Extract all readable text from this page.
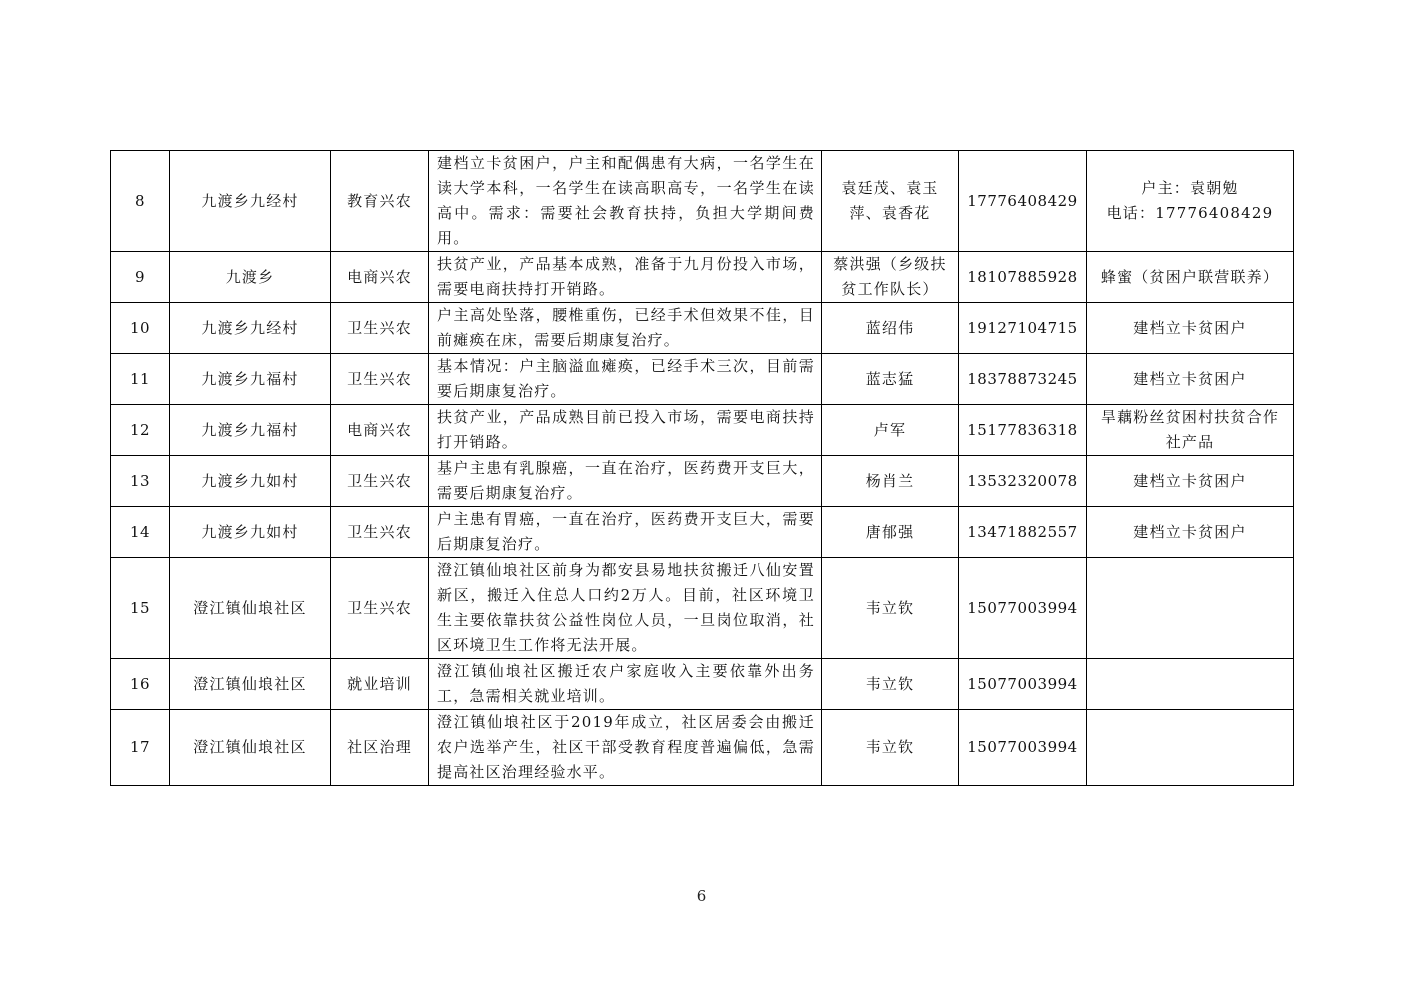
8	九渡乡九经村	教育兴农	建档立卡贫困户，户主和配偶患有大病，一名学生在读大学本科，一名学生在读高职高专，一名学生在读高中。需求：需要社会教育扶持，负担大学期间费用。	袁廷茂、袁玉萍、袁香花	17776408429	户主：袁朝勉
电话：17776408429

9	九渡乡	电商兴农	扶贫产业，产品基本成熟，准备于九月份投入市场，需要电商扶持打开销路。	蔡洪强（乡级扶贫工作队长）	18107885928	蜂蜜（贫困户联营联养）

10	九渡乡九经村	卫生兴农	户主高处坠落，腰椎重伤，已经手术但效果不佳，目前瘫痪在床，需要后期康复治疗。	蓝绍伟	19127104715	建档立卡贫困户

11	九渡乡九福村	卫生兴农	基本情况：户主脑溢血瘫痪，已经手术三次，目前需要后期康复治疗。	蓝志猛	18378873245	建档立卡贫困户

12	九渡乡九福村	电商兴农	扶贫产业，产品成熟目前已投入市场，需要电商扶持打开销路。	卢军	15177836318	旱藕粉丝贫困村扶贫合作社产品

13	九渡乡九如村	卫生兴农	基户主患有乳腺癌，一直在治疗，医药费开支巨大，需要后期康复治疗。	杨肖兰	13532320078	建档立卡贫困户

14	九渡乡九如村	卫生兴农	户主患有胃癌，一直在治疗，医药费开支巨大，需要后期康复治疗。	唐郁强	13471882557	建档立卡贫困户

15	澄江镇仙埌社区	卫生兴农	澄江镇仙埌社区前身为都安县易地扶贫搬迁八仙安置新区，搬迁入住总人口约2万人。目前，社区环境卫生主要依靠扶贫公益性岗位人员，一旦岗位取消，社区环境卫生工作将无法开展。	韦立钦	15077003994	
16	澄江镇仙埌社区	就业培训	澄江镇仙埌社区搬迁农户家庭收入主要依靠外出务工，急需相关就业培训。	韦立钦	15077003994	
17	澄江镇仙埌社区	社区治理	澄江镇仙埌社区于2019年成立，社区居委会由搬迁农户选举产生，社区干部受教育程度普遍偏低，急需提高社区治理经验水平。	韦立钦	15077003994	
6
